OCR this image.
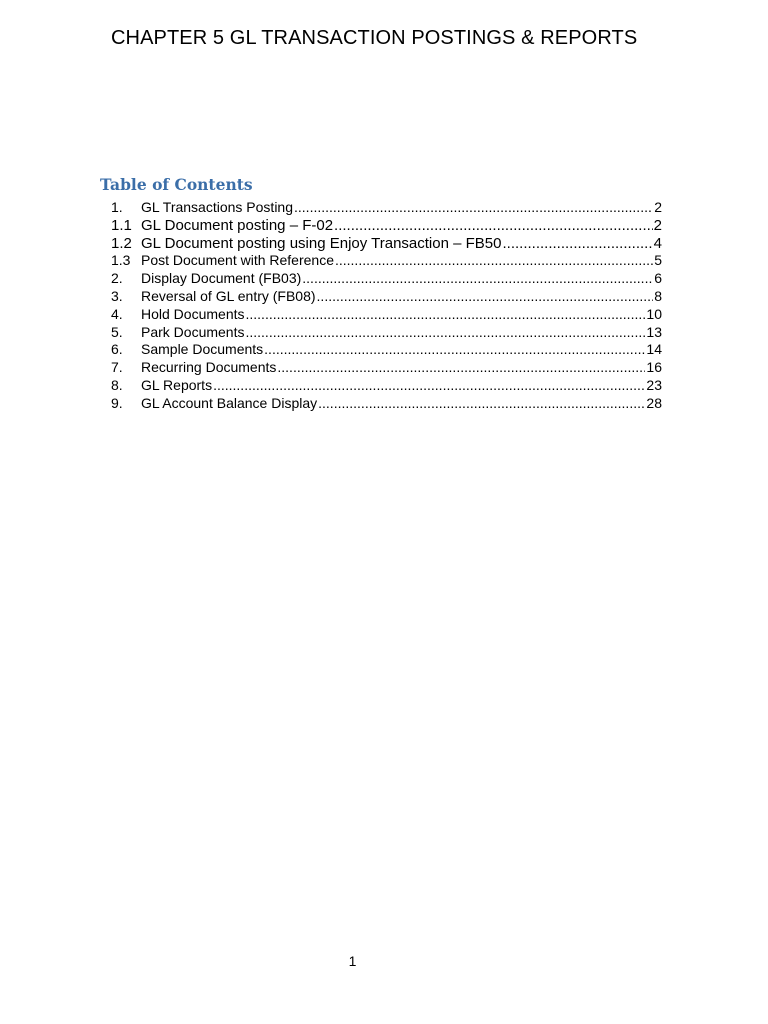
CHAPTER 5 GL TRANSACTION POSTINGS & REPORTS
Table of Contents
1.	GL Transactions Posting .....	2
1.1 GL Document posting – F-02 .....	2
1.2 GL Document posting using Enjoy Transaction – FB50 .....	4
1.3 Post Document with Reference .....	5
2.	Display Document (FB03) .....	6
3.	Reversal of GL entry (FB08) .....	8
4.	Hold Documents .....	10
5.	Park Documents .....	13
6.	Sample Documents .....	14
7.	Recurring Documents .....	16
8.	GL Reports .....	23
9.	GL Account Balance Display .....	28
1
